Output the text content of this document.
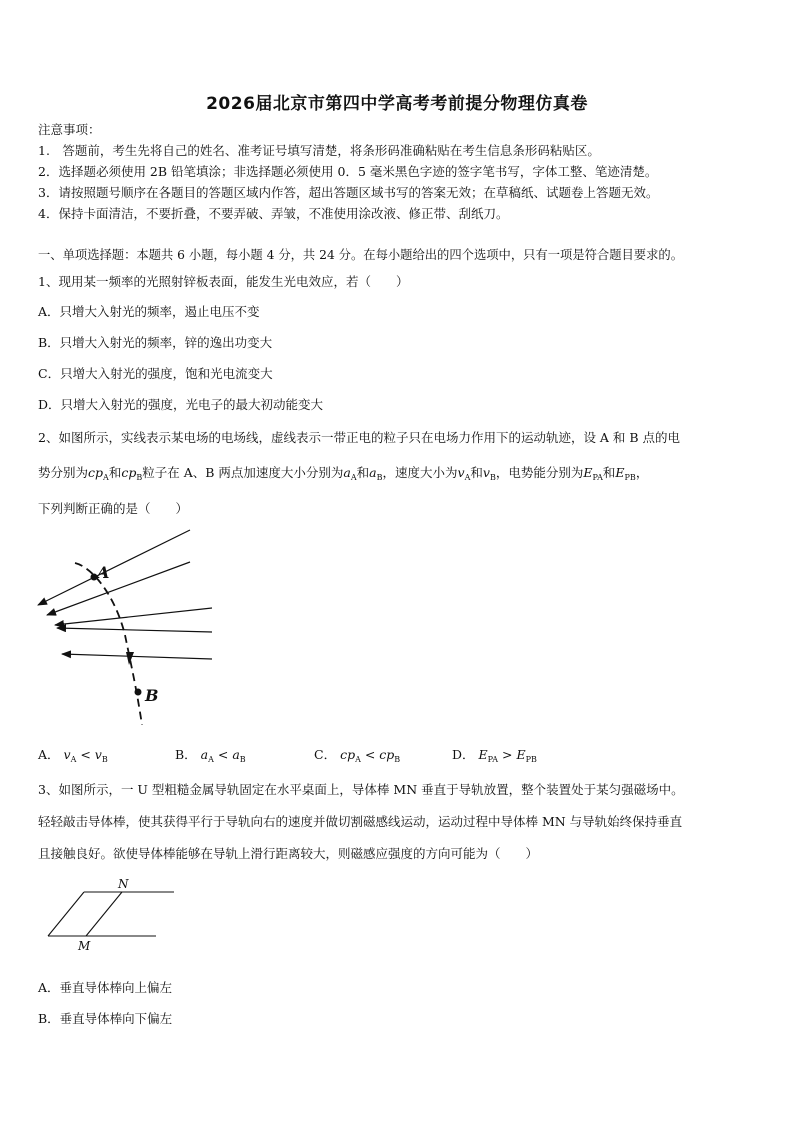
2026届北京市第四中学高考考前提分物理仿真卷
注意事项：
1.　答题前，考生先将自己的姓名、准考证号填写清楚，将条形码准确粘贴在考生信息条形码粘贴区。
2．选择题必须使用 2B 铅笔填涂；非选择题必须使用 0．5 毫米黑色字迹的签字笔书写，字体工整、笔迹清楚。
3．请按照题号顺序在各题目的答题区域内作答，超出答题区域书写的答案无效；在草稿纸、试题卷上答题无效。
4．保持卡面清洁，不要折叠，不要弄破、弄皱，不准使用涂改液、修正带、刮纸刀。
一、单项选择题：本题共 6 小题，每小题 4 分，共 24 分。在每小题给出的四个选项中，只有一项是符合题目要求的。
1、现用某一频率的光照射锌板表面，能发生光电效应，若（　　）
A．只增大入射光的频率，遏止电压不变
B．只增大入射光的频率，锌的逸出功变大
C．只增大入射光的强度，饱和光电流变大
D．只增大入射光的强度，光电子的最大初动能变大
2、如图所示，实线表示某电场的电场线，虚线表示一带正电的粒子只在电场力作用下的运动轨迹，设 A 和 B 点的电
势分别为$cp_A$和$cp_B$粒子在 A、B 两点加速度大小分别为$a_A$和$a_B$，速度大小为$v_A$和$v_B$，电势能分别为$E_{PA}$和$E_{PB}$，
下列判断正确的是（　　）
A
B
A． $v_A < v_B$	B． $a_A < a_B$	C． $cp_A < cp_B$	D． $E_{PA} > E_{PB}$
3、如图所示，一 U 型粗糙金属导轨固定在水平桌面上，导体棒 MN 垂直于导轨放置，整个装置处于某匀强磁场中。
轻轻敲击导体棒，使其获得平行于导轨向右的速度并做切割磁感线运动，运动过程中导体棒 MN 与导轨始终保持垂直
且接触良好。欲使导体棒能够在导轨上滑行距离较大，则磁感应强度的方向可能为（　　）
N
M
A．垂直导体棒向上偏左
B．垂直导体棒向下偏左
